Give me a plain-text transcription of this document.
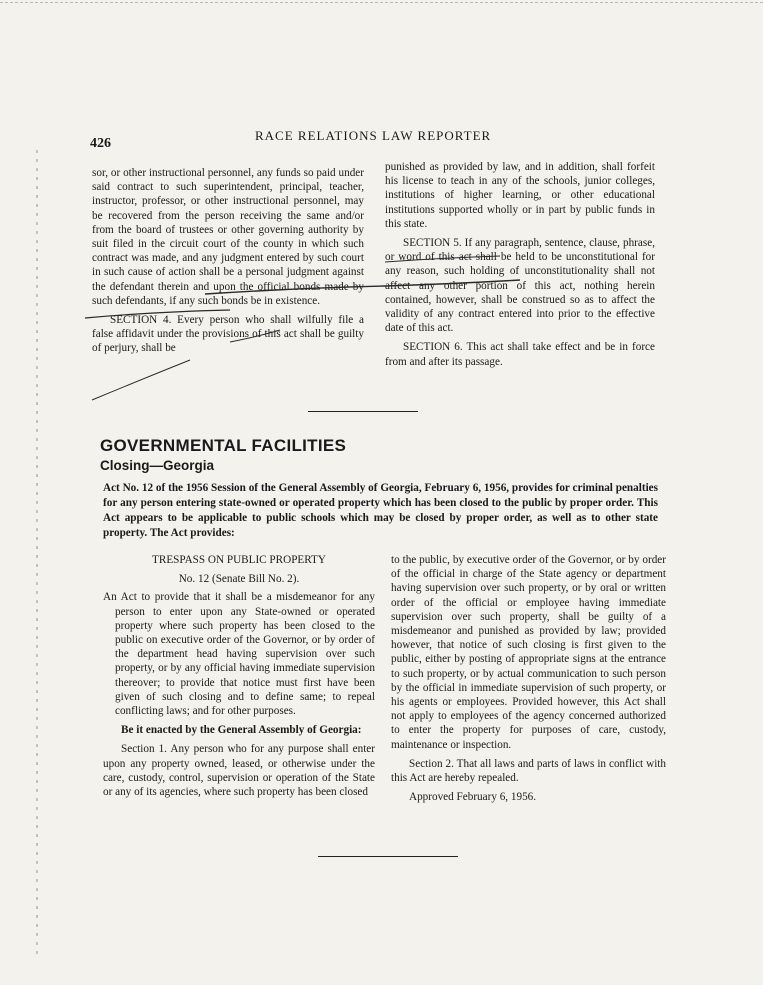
426
RACE RELATIONS LAW REPORTER

sor, or other instructional personnel, any funds so paid under said contract to such superintendent, principal, teacher, instructor, professor, or other instructional personnel, may be recovered from the person receiving the same and/or from the board of trustees or other governing authority by suit filed in the circuit court of the county in which such contract was made, and any judgment entered by such court in such cause of action shall be a personal judgment against the defendant therein and upon the official bonds made by such defendants, if any such bonds be in existence.

SECTION 4. Every person who shall wilfully file a false affidavit under the provisions of this act shall be guilty of perjury, shall be

punished as provided by law, and in addition, shall forfeit his license to teach in any of the schools, junior colleges, institutions of higher learning, or other educational institutions supported wholly or in part by public funds in this state.

SECTION 5. If any paragraph, sentence, clause, phrase, or word of this act shall be held to be unconstitutional for any reason, such holding of unconstitutionality shall not affect any other portion of this act, nothing herein contained, however, shall be construed so as to affect the validity of any contract entered into prior to the effective date of this act.

SECTION 6. This act shall take effect and be in force from and after its passage.

GOVERNMENTAL FACILITIES
Closing—Georgia
Act No. 12 of the 1956 Session of the General Assembly of Georgia, February 6, 1956, provides for criminal penalties for any person entering state-owned or operated property which has been closed to the public by proper order. This Act appears to be applicable to public schools which may be closed by proper order, as well as to other state property. The Act provides:

TRESPASS ON PUBLIC PROPERTY

No. 12 (Senate Bill No. 2).

An Act to provide that it shall be a misdemeanor for any person to enter upon any State-owned or operated property where such property has been closed to the public on executive order of the Governor, or by order of the department head having supervision over such property, or by any official having immediate supervision thereover; to provide that notice must first have been given of such closing and to define same; to repeal conflicting laws; and for other purposes.

Be it enacted by the General Assembly of Georgia:

Section 1. Any person who for any purpose shall enter upon any property owned, leased, or otherwise under the care, custody, control, supervision or operation of the State or any of its agencies, where such property has been closed

to the public, by executive order of the Governor, or by order of the official in charge of the State agency or department having supervision over such property, or by oral or written order of the official or employee having immediate supervision over such property, shall be guilty of a misdemeanor and punished as provided by law; provided however, that notice of such closing is first given to the public, either by posting of appropriate signs at the entrance to such property, or by actual communication to such person by the official in immediate supervision of such property, or his agents or employees. Provided however, this Act shall not apply to employees of the agency concerned authorized to enter the property for purposes of care, custody, maintenance or inspection.

Section 2. That all laws and parts of laws in conflict with this Act are hereby repealed.

Approved February 6, 1956.
